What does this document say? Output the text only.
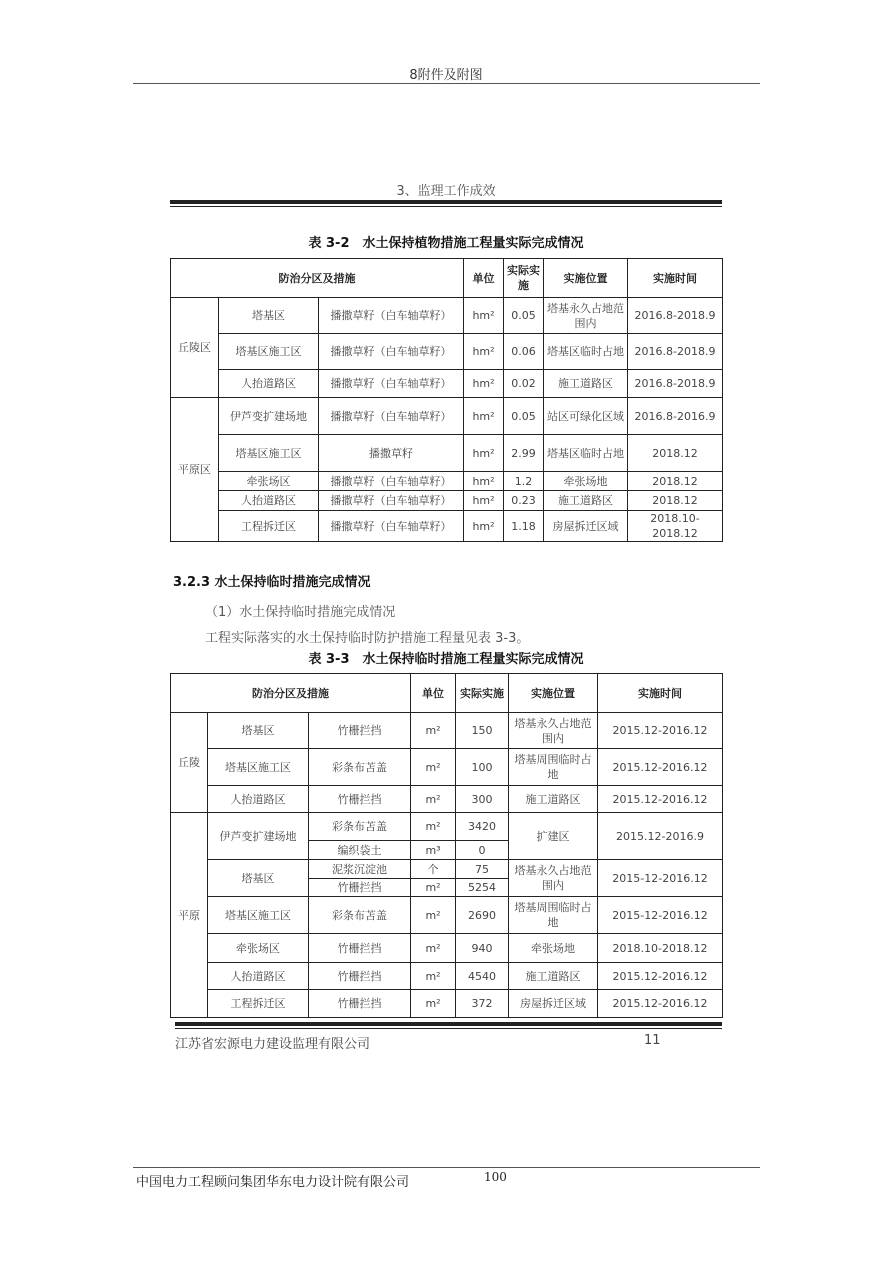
8附件及附图
3、监理工作成效
表 3-2　水土保持植物措施工程量实际完成情况
防治分区及措施			单位	实际实施	实施位置	实施时间
丘陵区	塔基区	播撒草籽（白车轴草籽）	hm²	0.05	塔基永久占地范围内	2016.8-2018.9
	塔基区施工区	播撒草籽（白车轴草籽）	hm²	0.06	塔基区临时占地	2016.8-2018.9
	人抬道路区	播撒草籽（白车轴草籽）	hm²	0.02	施工道路区	2016.8-2018.9
平原区	伊芦变扩建场地	播撒草籽（白车轴草籽）	hm²	0.05	站区可绿化区域	2016.8-2016.9
	塔基区施工区	播撒草籽	hm²	2.99	塔基区临时占地	2018.12
	牵张场区	播撒草籽（白车轴草籽）	hm²	1.2	牵张场地	2018.12
	人抬道路区	播撒草籽（白车轴草籽）	hm²	0.23	施工道路区	2018.12
	工程拆迁区	播撒草籽（白车轴草籽）	hm²	1.18	房屋拆迁区域	2018.10-2018.12
3.2.3 水土保持临时措施完成情况
（1）水土保持临时措施完成情况
工程实际落实的水土保持临时防护措施工程量见表 3-3。
表 3-3　水土保持临时措施工程量实际完成情况
防治分区及措施			单位	实际实施	实施位置	实施时间
丘陵	塔基区	竹栅拦挡	m²	150	塔基永久占地范围内	2015.12-2016.12
	塔基区施工区	彩条布苫盖	m²	100	塔基周围临时占地	2015.12-2016.12
	人抬道路区	竹栅拦挡	m²	300	施工道路区	2015.12-2016.12
平原	伊芦变扩建场地	彩条布苫盖	m²	3420	扩建区	2015.12-2016.9
		编织袋土	m³	0		
	塔基区	泥浆沉淀池	个	75	塔基永久占地范围内	2015-12-2016.12
		竹栅拦挡	m²	5254		
	塔基区施工区	彩条布苫盖	m²	2690	塔基周围临时占地	2015-12-2016.12
	牵张场区	竹栅拦挡	m²	940	牵张场地	2018.10-2018.12
	人抬道路区	竹栅拦挡	m²	4540	施工道路区	2015.12-2016.12
	工程拆迁区	竹栅拦挡	m²	372	房屋拆迁区域	2015.12-2016.12
江苏省宏源电力建设监理有限公司	11
中国电力工程顾问集团华东电力设计院有限公司	100
